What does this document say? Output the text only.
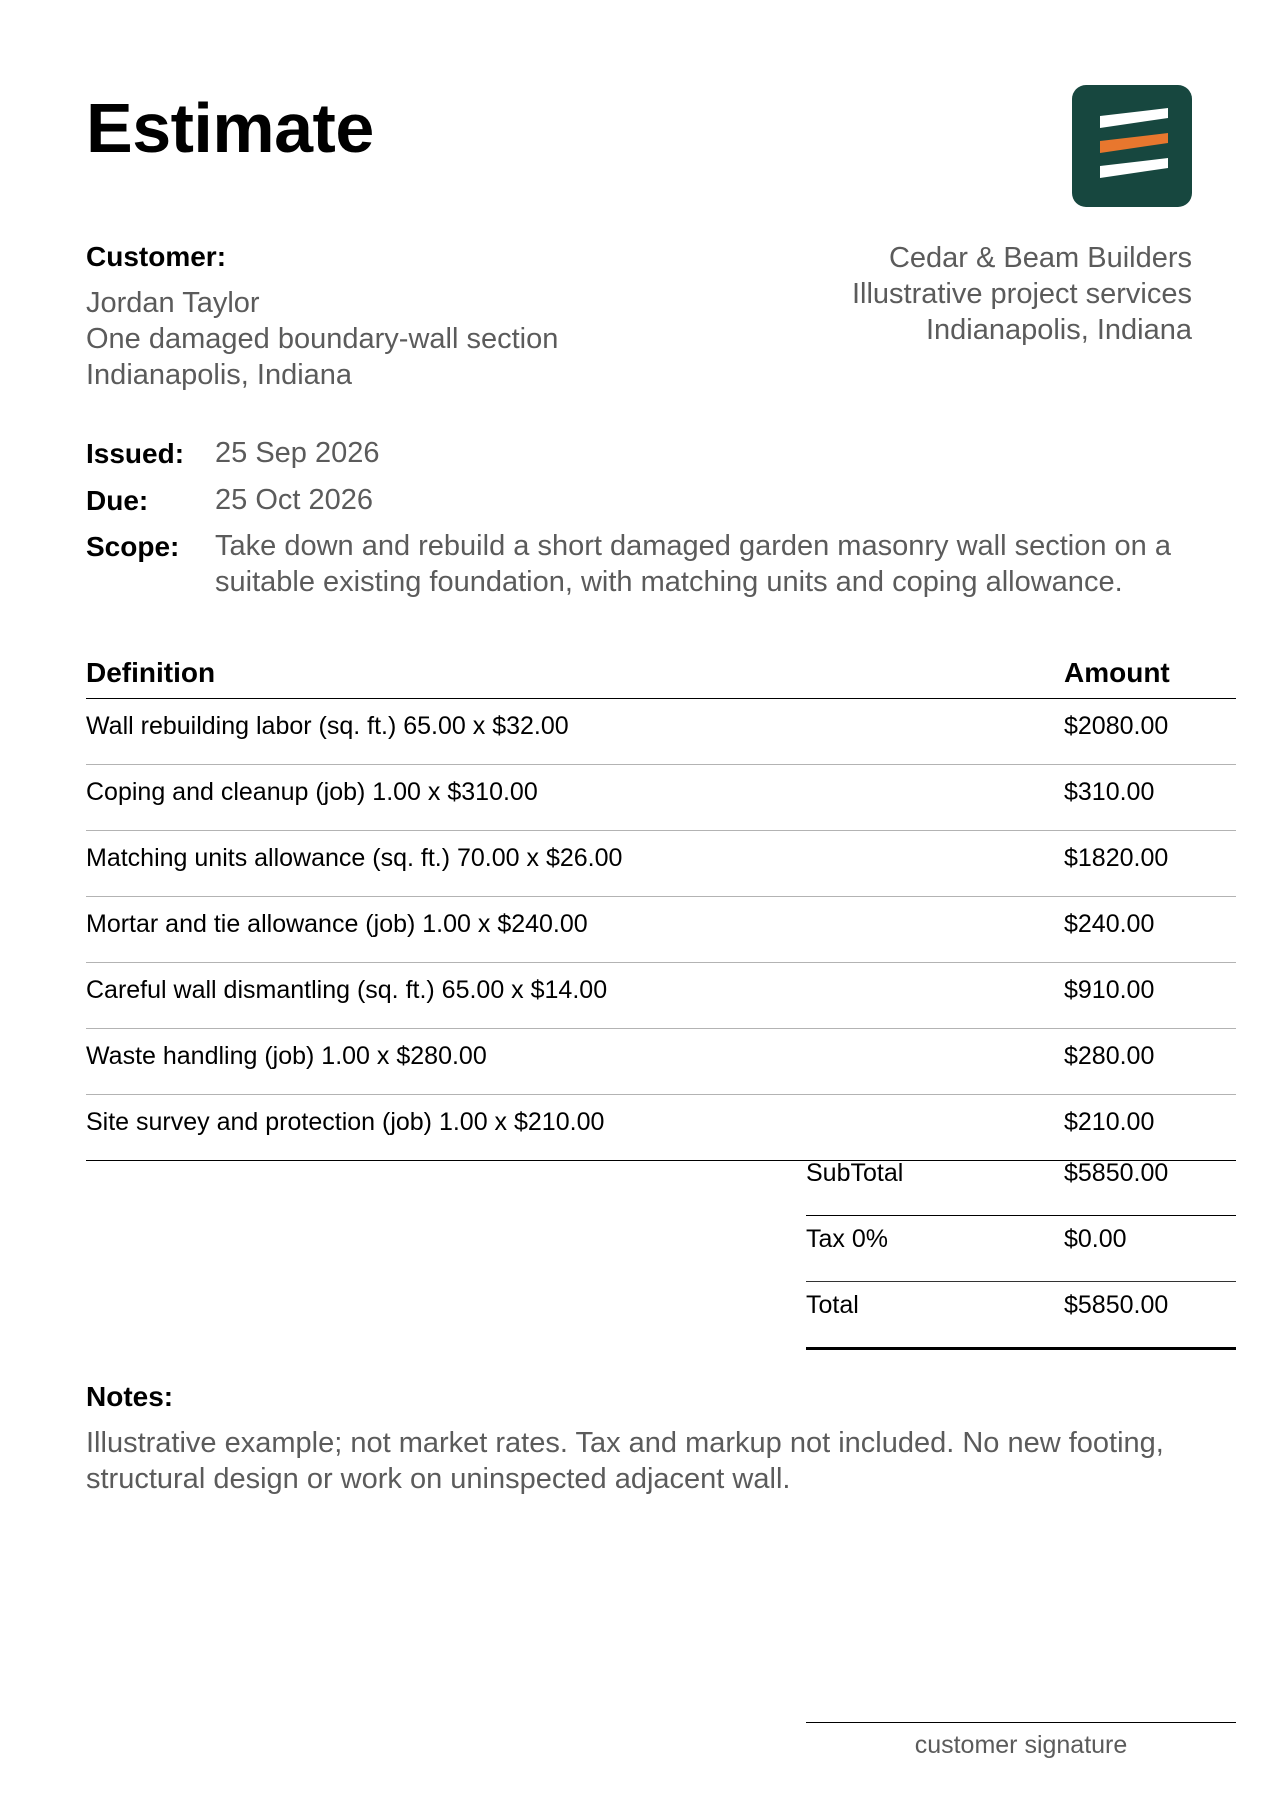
Estimate
Customer:
Jordan Taylor
One damaged boundary-wall section
Indianapolis, Indiana
Cedar & Beam Builders
Illustrative project services
Indianapolis, Indiana
Issued: 25 Sep 2026
Due: 25 Oct 2026
Scope: Take down and rebuild a short damaged garden masonry wall section on a suitable existing foundation, with matching units and coping allowance.
Definition	Amount
Wall rebuilding labor (sq. ft.) 65.00 x $32.00	$2080.00
Coping and cleanup (job) 1.00 x $310.00	$310.00
Matching units allowance (sq. ft.) 70.00 x $26.00	$1820.00
Mortar and tie allowance (job) 1.00 x $240.00	$240.00
Careful wall dismantling (sq. ft.) 65.00 x $14.00	$910.00
Waste handling (job) 1.00 x $280.00	$280.00
Site survey and protection (job) 1.00 x $210.00	$210.00
SubTotal	$5850.00
Tax 0%	$0.00
Total	$5850.00
Notes:
Illustrative example; not market rates. Tax and markup not included. No new footing, structural design or work on uninspected adjacent wall.
customer signature
